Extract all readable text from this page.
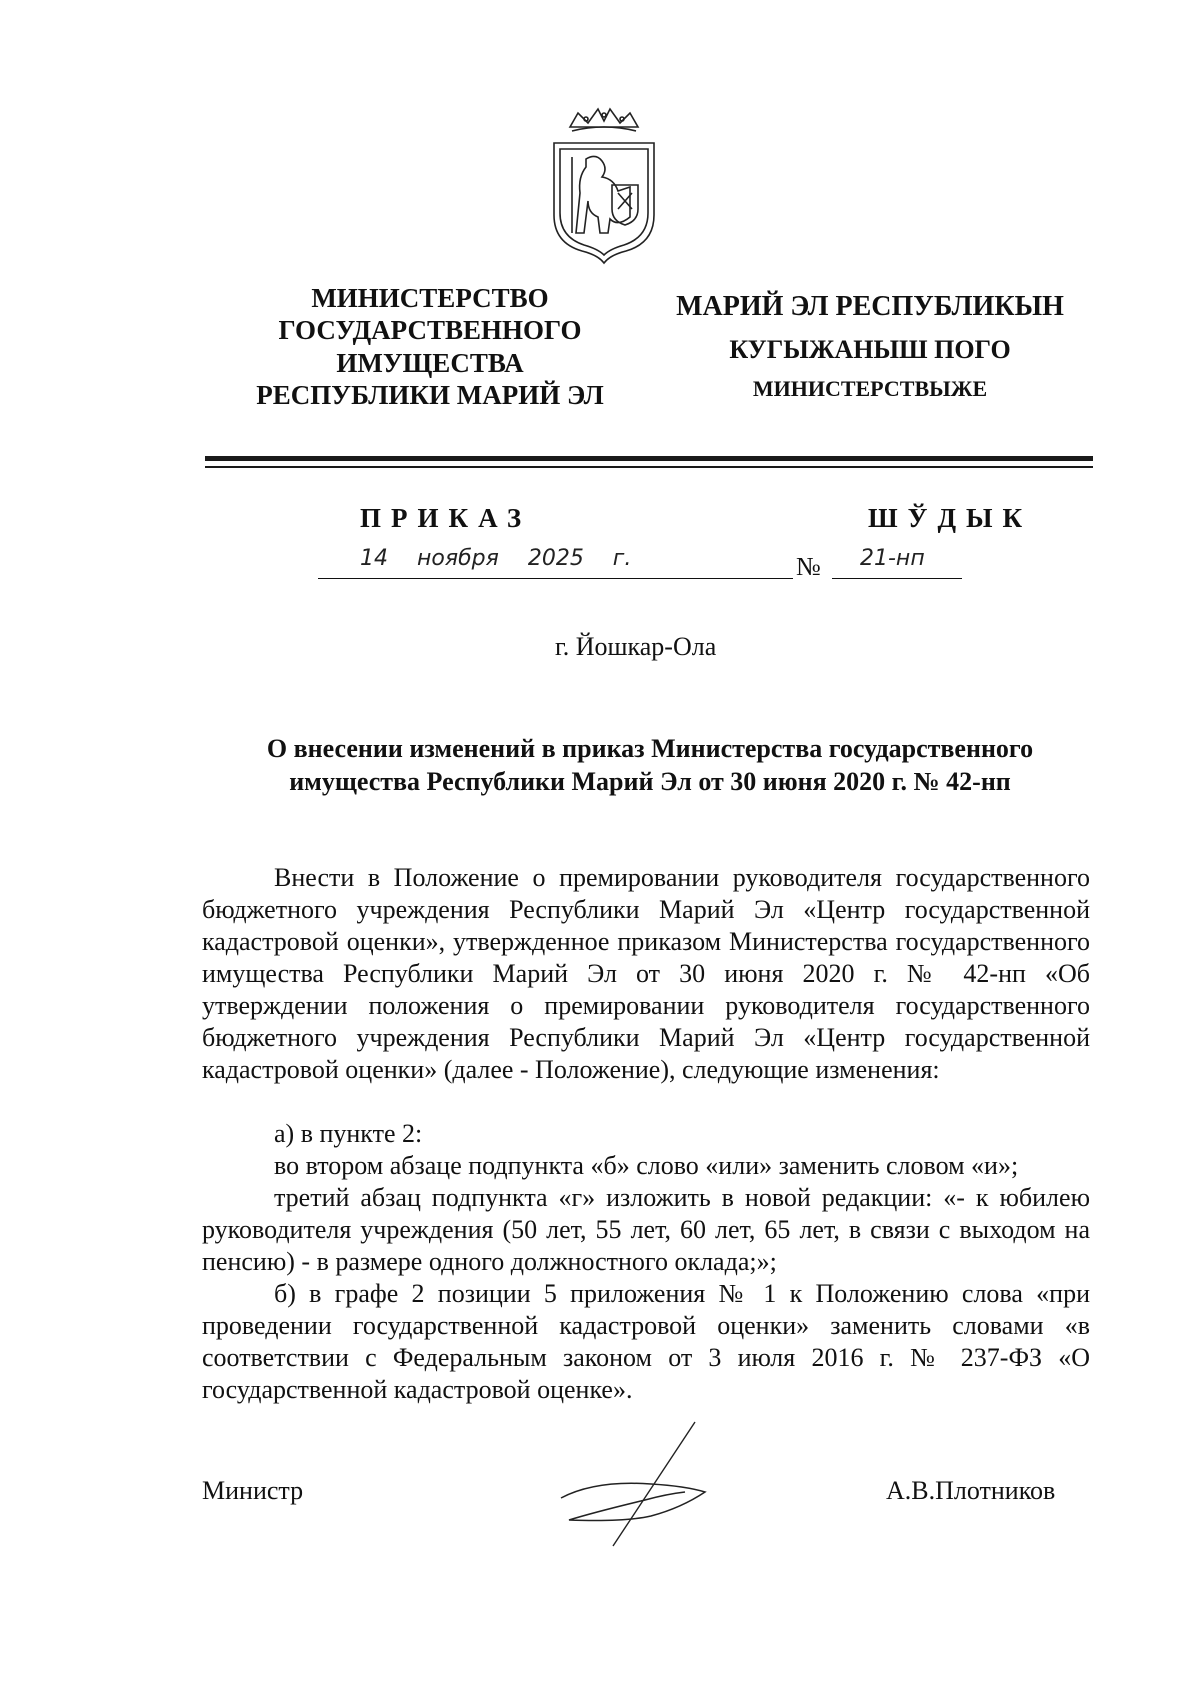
МИНИСТЕРСТВО
ГОСУДАРСТВЕННОГО
ИМУЩЕСТВА
РЕСПУБЛИКИ МАРИЙ ЭЛ
МАРИЙ ЭЛ РЕСПУБЛИКЫН
КУГЫЖАНЫШ ПОГО
МИНИСТЕРСТВЫЖЕ
ПРИКАЗ	ШЎДЫК
14 ноября 2025 г.	№ 21-нп
г. Йошкар-Ола
О внесении изменений в приказ Министерства государственного
имущества Республики Марий Эл от 30 июня 2020 г. № 42-нп
Внести в Положение о премировании руководителя государственного бюджетного учреждения Республики Марий Эл «Центр государственной кадастровой оценки», утвержденное приказом Министерства государственного имущества Республики Марий Эл от 30 июня 2020 г. № 42-нп «Об утверждении положения о премировании руководителя государственного бюджетного учреждения Республики Марий Эл «Центр государственной кадастровой оценки» (далее - Положение), следующие изменения:
а) в пункте 2:
во втором абзаце подпункта «б» слово «или» заменить словом «и»;
третий абзац подпункта «г» изложить в новой редакции: «- к юбилею руководителя учреждения (50 лет, 55 лет, 60 лет, 65 лет, в связи с выходом на пенсию) - в размере одного должностного оклада;»;
б) в графе 2 позиции 5 приложения № 1 к Положению слова «при проведении государственной кадастровой оценки» заменить словами «в соответствии с Федеральным законом от 3 июля 2016 г. № 237-ФЗ «О государственной кадастровой оценке».
Министр	А.В.Плотников
